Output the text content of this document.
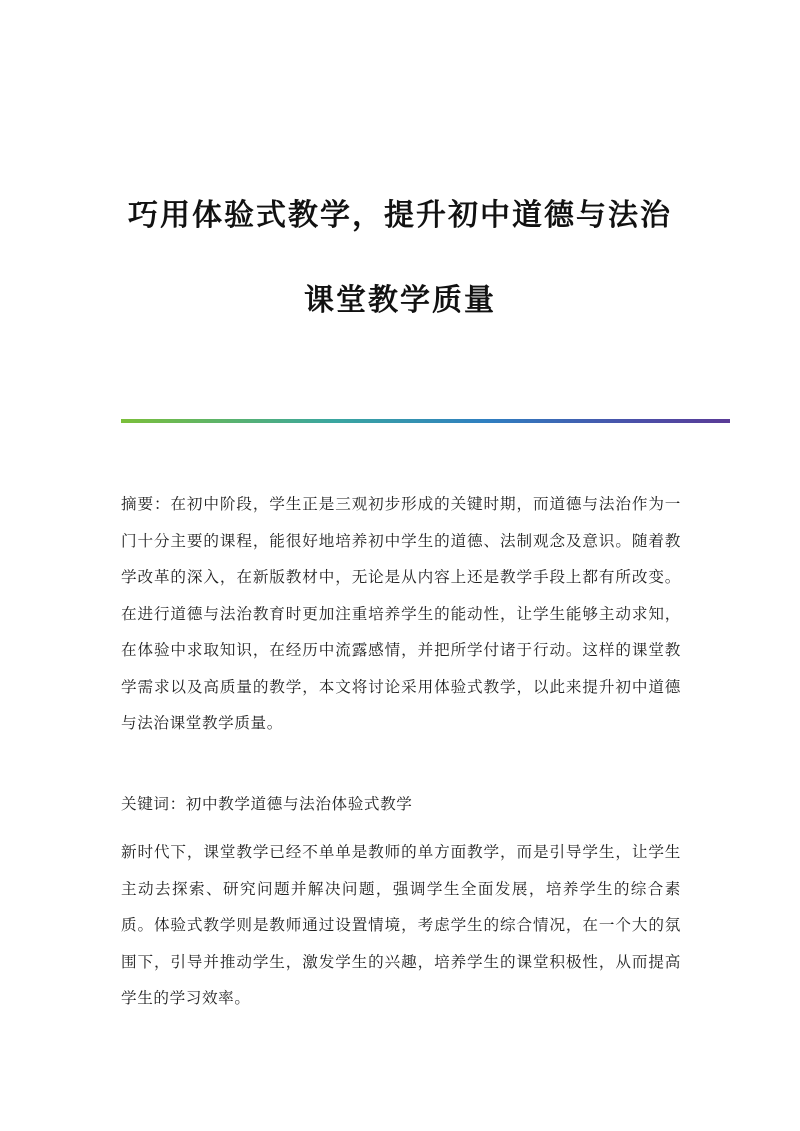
巧用体验式教学，提升初中道德与法治
课堂教学质量

摘要：在初中阶段，学生正是三观初步形成的关键时期，而道德与法治作为一门十分主要的课程，能很好地培养初中学生的道德、法制观念及意识。随着教学改革的深入，在新版教材中，无论是从内容上还是教学手段上都有所改变。在进行道德与法治教育时更加注重培养学生的能动性，让学生能够主动求知，在体验中求取知识，在经历中流露感情，并把所学付诸于行动。这样的课堂教学需求以及高质量的教学，本文将讨论采用体验式教学，以此来提升初中道德与法治课堂教学质量。

关键词：初中教学道德与法治体验式教学

新时代下，课堂教学已经不单单是教师的单方面教学，而是引导学生，让学生主动去探索、研究问题并解决问题，强调学生全面发展，培养学生的综合素质。体验式教学则是教师通过设置情境，考虑学生的综合情况，在一个大的氛围下，引导并推动学生，激发学生的兴趣，培养学生的课堂积极性，从而提高学生的学习效率。
